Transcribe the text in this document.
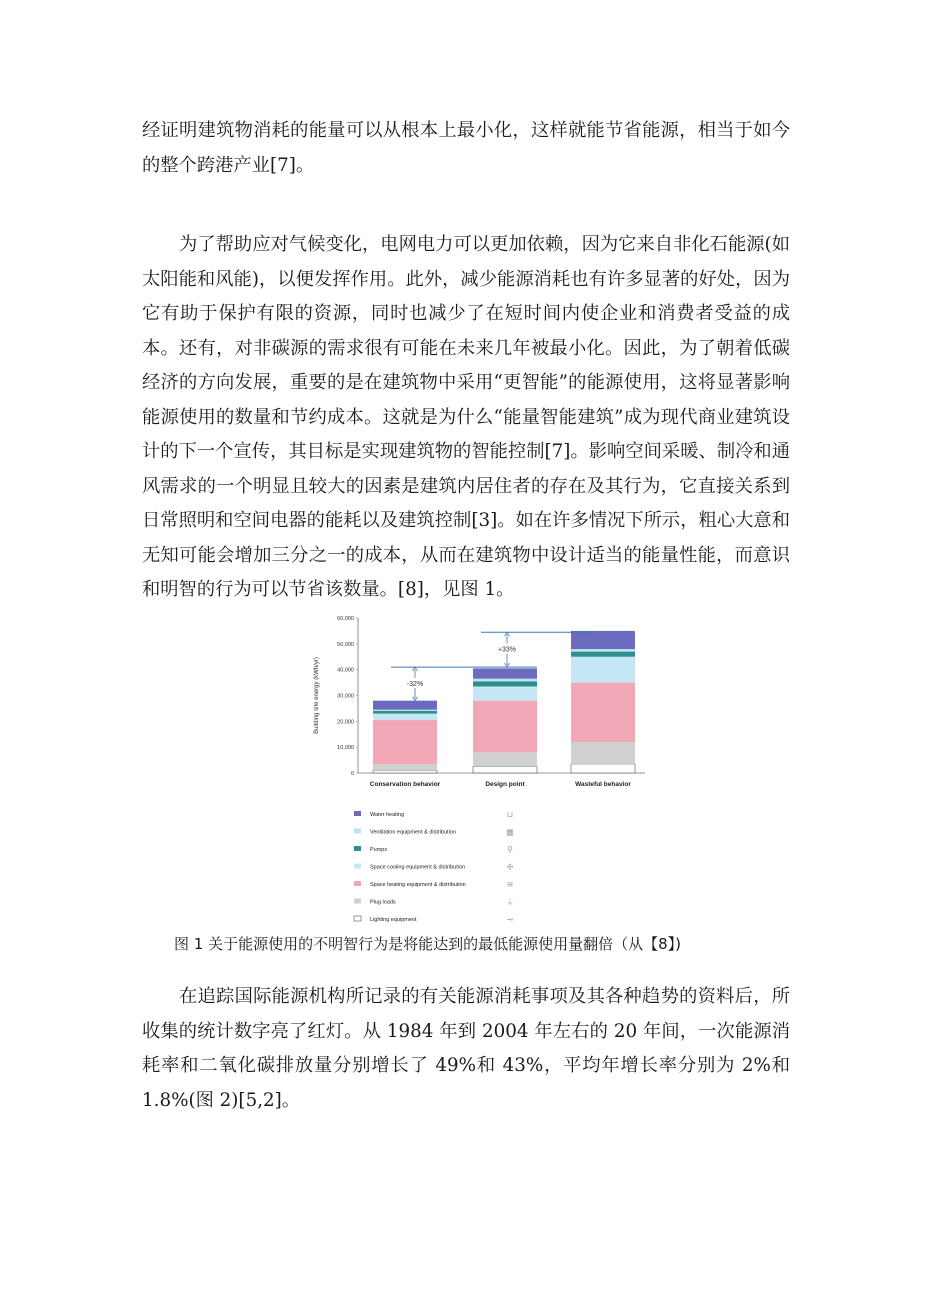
经证明建筑物消耗的能量可以从根本上最小化，这样就能节省能源，相当于如今的整个跨港产业[7]。

为了帮助应对气候变化，电网电力可以更加依赖，因为它来自非化石能源(如太阳能和风能)，以便发挥作用。此外，减少能源消耗也有许多显著的好处，因为它有助于保护有限的资源，同时也减少了在短时间内使企业和消费者受益的成本。还有，对非碳源的需求很有可能在未来几年被最小化。因此，为了朝着低碳经济的方向发展，重要的是在建筑物中采用“更智能”的能源使用，这将显著影响能源使用的数量和节约成本。这就是为什么“能量智能建筑”成为现代商业建筑设计的下一个宣传，其目标是实现建筑物的智能控制[7]。影响空间采暖、制冷和通风需求的一个明显且较大的因素是建筑内居住者的存在及其行为，它直接关系到日常照明和空间电器的能耗以及建筑控制[3]。如在许多情况下所示，粗心大意和无知可能会增加三分之一的成本，从而在建筑物中设计适当的能量性能，而意识和明智的行为可以节省该数量。[8]，见图 1。

Building site energy (kWh/yr)
0
10,000
20,000
30,000
40,000
50,000
60,000
Conservation behavior	Design point	Wasteful behavior
-32%
+33%
Water heating	⊔
Ventilation equipment & distribution	▦
Pumps	⚲
Space cooling equipment & distribution	✣
Space heating equipment & distribution	≋
Plug loads	⏚
Lighting equipment	⊸

图 1 关于能源使用的不明智行为是将能达到的最低能源使用量翻倍（从【8】)

在追踪国际能源机构所记录的有关能源消耗事项及其各种趋势的资料后，所收集的统计数字亮了红灯。从 1984 年到 2004 年左右的 20 年间，一次能源消耗率和二氧化碳排放量分别增长了 49%和 43%，平均年增长率分别为 2%和 1.8%(图 2)[5,2]。
